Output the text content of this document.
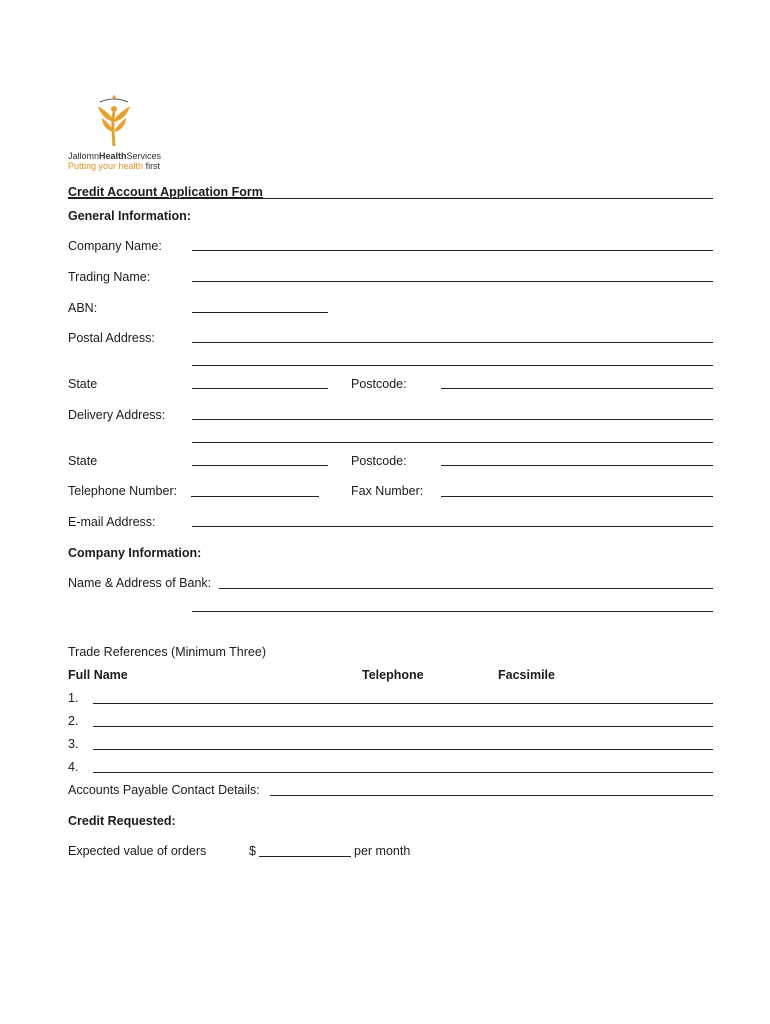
JallomnHealthServices
Putting your health first
Credit Account Application Form
General Information:
Company Name:
Trading Name:
ABN:
Postal Address:
State	Postcode:
Delivery Address:
State	Postcode:
Telephone Number:	Fax Number:
E-mail Address:
Company Information:
Name & Address of Bank:
Trade References (Minimum Three)
Full Name	Telephone	Facsimile
1.
2.
3.
4.
Accounts Payable Contact Details:
Credit Requested:
Expected value of orders	$	per month
